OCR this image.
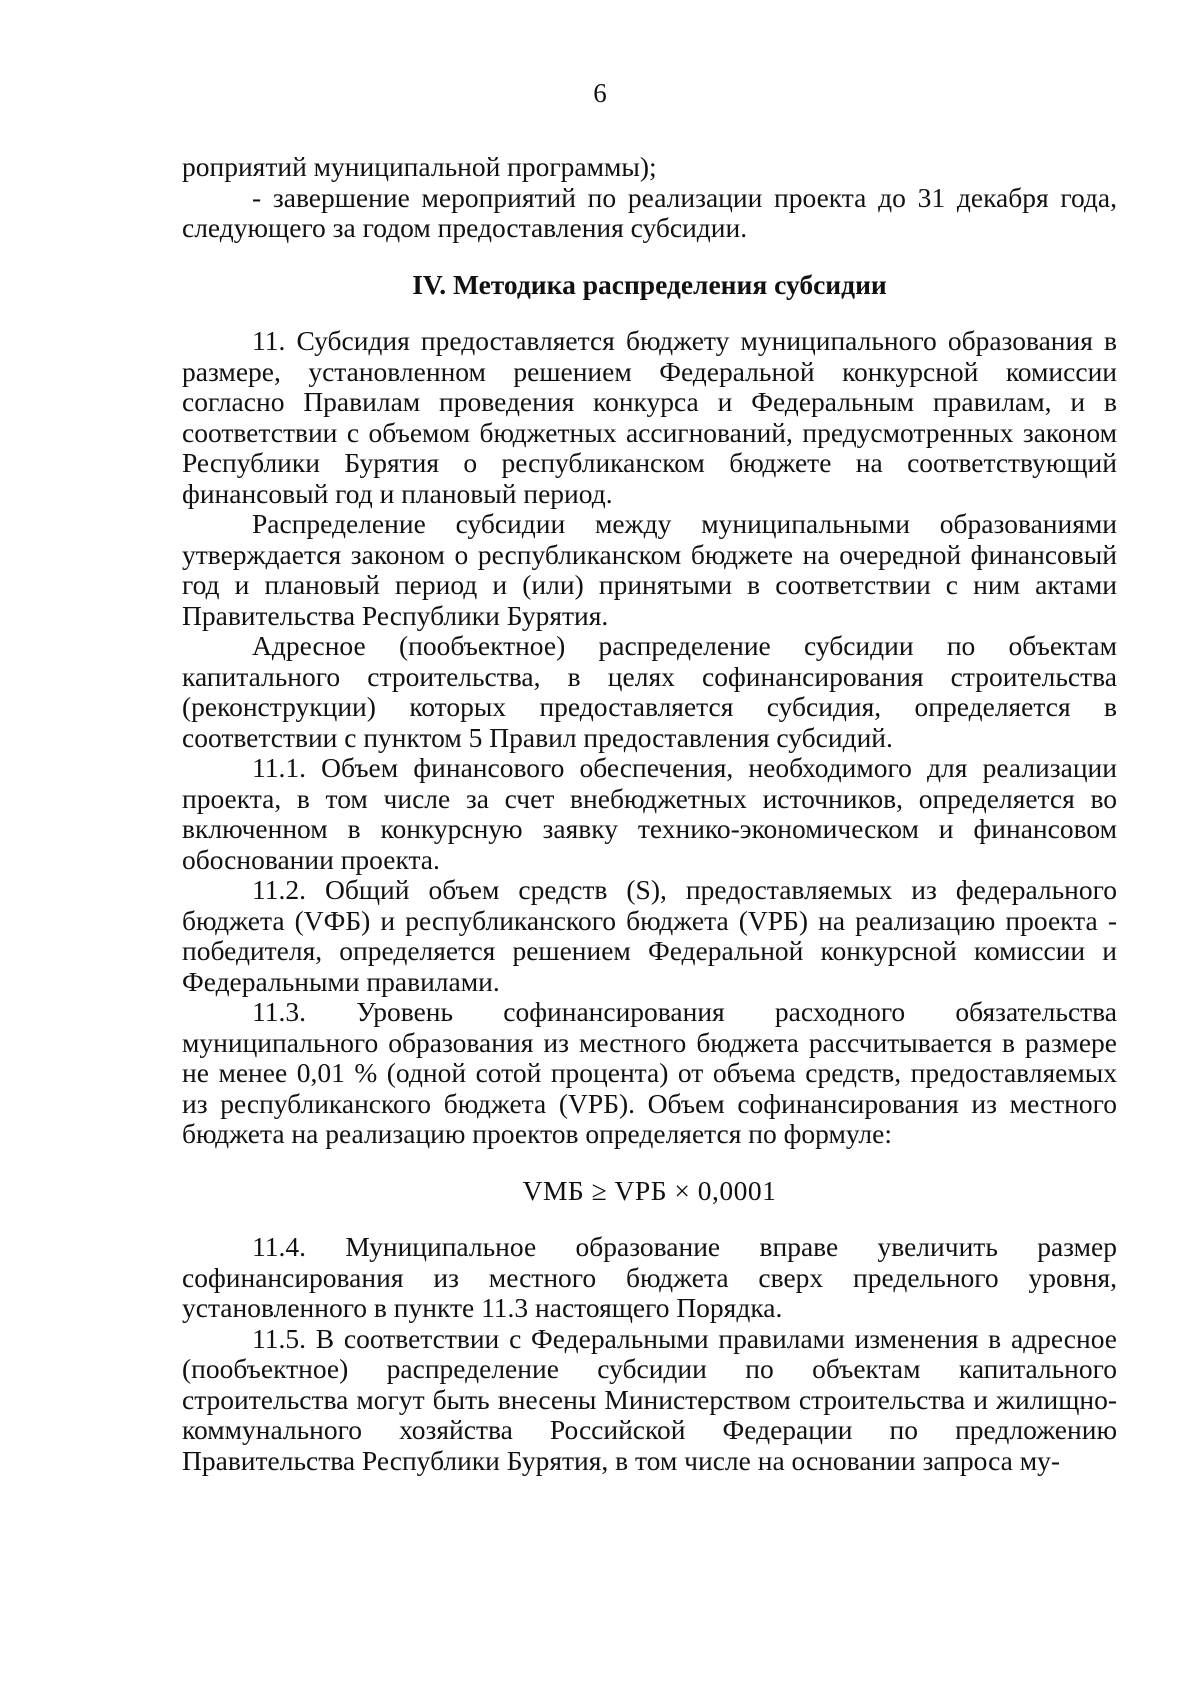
6

роприятий муниципальной программы);

- завершение мероприятий по реализации проекта до 31 декабря года, следующего за годом предоставления субсидии.

IV. Методика распределения субсидии

11. Субсидия предоставляется бюджету муниципального образования в размере, установленном решением Федеральной конкурсной комиссии согласно Правилам проведения конкурса и Федеральным правилам, и в соответствии с объемом бюджетных ассигнований, предусмотренных законом Республики Бурятия о республиканском бюджете на соответствующий финансовый год и плановый период.

Распределение субсидии между муниципальными образованиями утверждается законом о республиканском бюджете на очередной финансовый год и плановый период и (или) принятыми в соответствии с ним актами Правительства Республики Бурятия.

Адресное (пообъектное) распределение субсидии по объектам капитального строительства, в целях софинансирования строительства (реконструкции) которых предоставляется субсидия, определяется в соответствии с пунктом 5 Правил предоставления субсидий.

11.1. Объем финансового обеспечения, необходимого для реализации проекта, в том числе за счет внебюджетных источников, определяется во включенном в конкурсную заявку технико-экономическом и финансовом обосновании проекта.

11.2. Общий объем средств (S), предоставляемых из федерального бюджета (VФБ) и республиканского бюджета (VРБ) на реализацию проекта - победителя, определяется решением Федеральной конкурсной комиссии и Федеральными правилами.

11.3. Уровень софинансирования расходного обязательства муниципального образования из местного бюджета рассчитывается в размере не менее 0,01 % (одной сотой процента) от объема средств, предоставляемых из республиканского бюджета (VРБ). Объем софинансирования из местного бюджета на реализацию проектов определяется по формуле:

VМБ ≥ VРБ × 0,0001

11.4. Муниципальное образование вправе увеличить размер софинансирования из местного бюджета сверх предельного уровня, установленного в пункте 11.3 настоящего Порядка.

11.5. В соответствии с Федеральными правилами изменения в адресное (пообъектное) распределение субсидии по объектам капитального строительства могут быть внесены Министерством строительства и жилищно-коммунального хозяйства Российской Федерации по предложению Правительства Республики Бурятия, в том числе на основании запроса му-
